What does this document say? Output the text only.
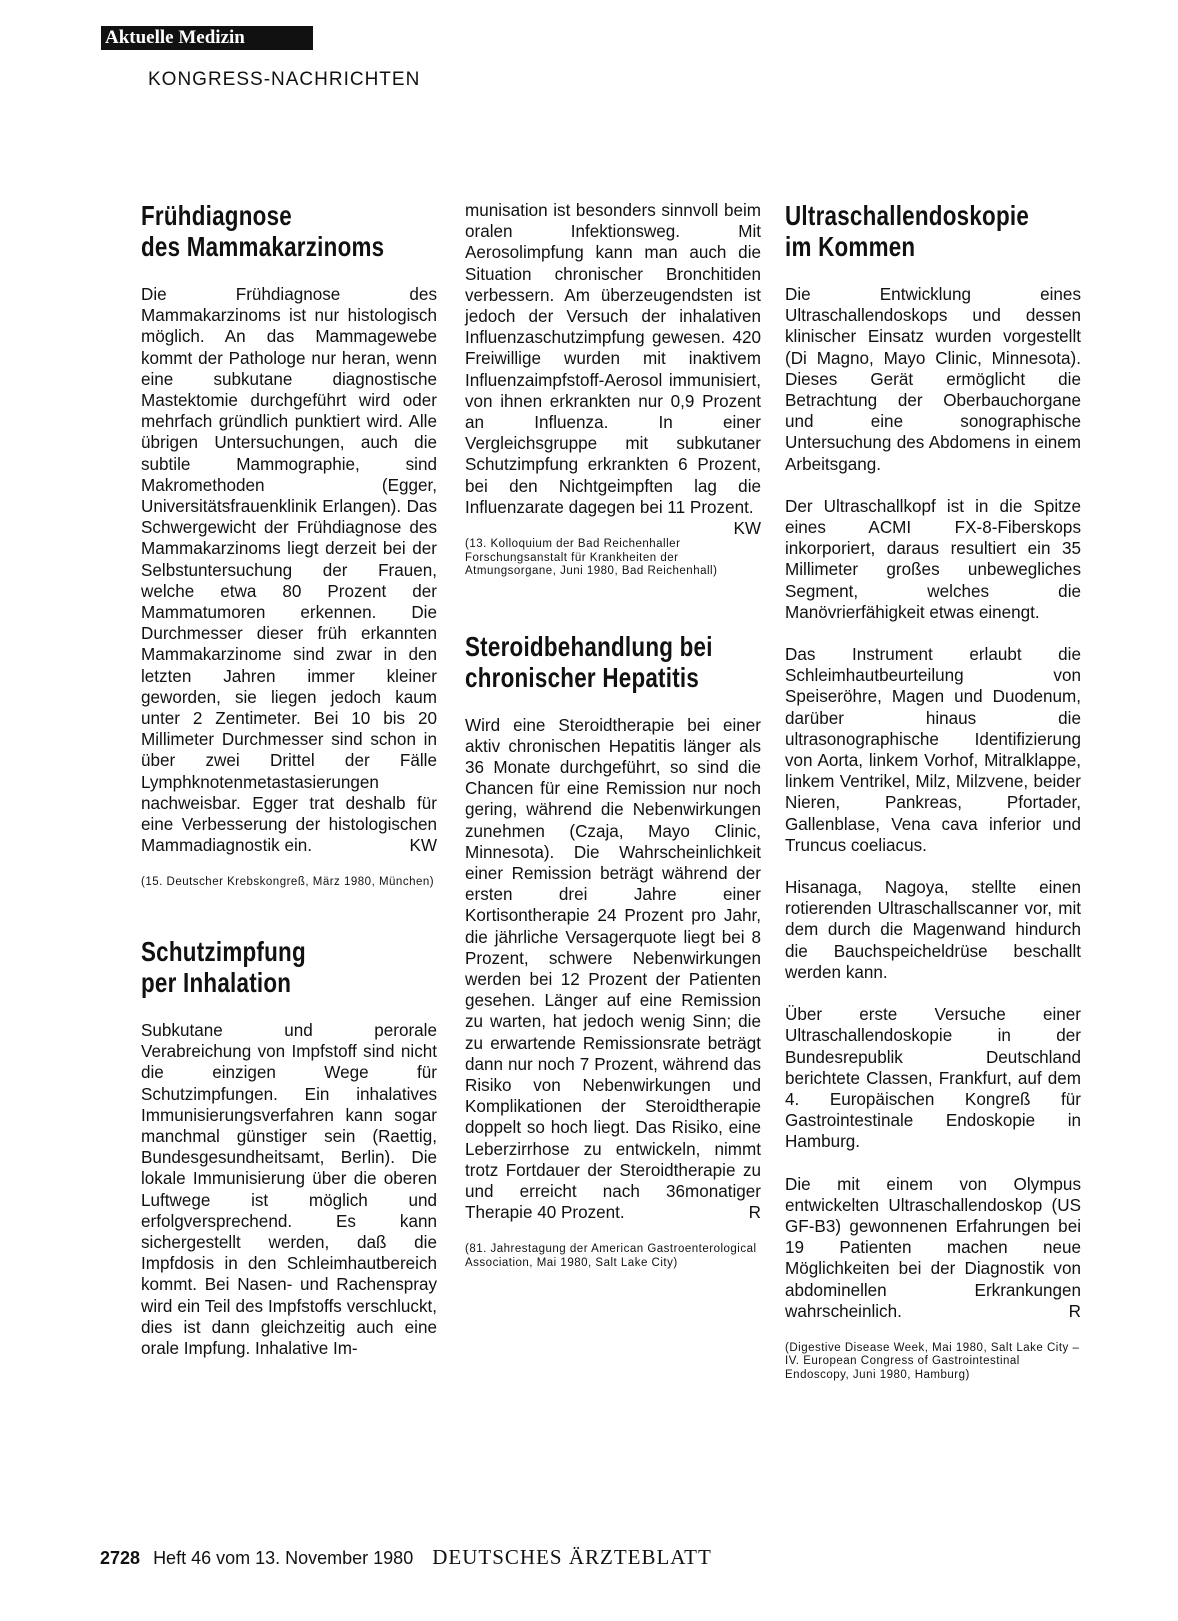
Aktuelle Medizin
KONGRESS-NACHRICHTEN
Frühdiagnose
des Mammakarzinoms

Die Frühdiagnose des Mammakarzinoms ist nur histologisch möglich. An das Mammagewebe kommt der Pathologe nur heran, wenn eine subkutane diagnostische Mastektomie durchgeführt wird oder mehrfach gründlich punktiert wird. Alle übrigen Untersuchungen, auch die subtile Mammographie, sind Makromethoden (Egger, Universitätsfrauenklinik Erlangen). Das Schwergewicht der Frühdiagnose des Mammakarzinoms liegt derzeit bei der Selbstuntersuchung der Frauen, welche etwa 80 Prozent der Mammatumoren erkennen. Die Durchmesser dieser früh erkannten Mammakarzinome sind zwar in den letzten Jahren immer kleiner geworden, sie liegen jedoch kaum unter 2 Zentimeter. Bei 10 bis 20 Millimeter Durchmesser sind schon in über zwei Drittel der Fälle Lymphknotenmetastasierungen nachweisbar. Egger trat deshalb für eine Verbesserung der histologischen Mammadiagnostik ein.	KW

(15. Deutscher Krebskongreß, März 1980, München)

Schutzimpfung
per Inhalation

Subkutane und perorale Verabreichung von Impfstoff sind nicht die einzigen Wege für Schutzimpfungen. Ein inhalatives Immunisierungsverfahren kann sogar manchmal günstiger sein (Raettig, Bundesgesundheitsamt, Berlin). Die lokale Immunisierung über die oberen Luftwege ist möglich und erfolgversprechend. Es kann sichergestellt werden, daß die Impfdosis in den Schleimhautbereich kommt. Bei Nasen- und Rachenspray wird ein Teil des Impfstoffs verschluckt, dies ist dann gleichzeitig auch eine orale Impfung. Inhalative Im-

munisation ist besonders sinnvoll beim oralen Infektionsweg. Mit Aerosolimpfung kann man auch die Situation chronischer Bronchitiden verbessern. Am überzeugendsten ist jedoch der Versuch der inhalativen Influenzaschutzimpfung gewesen. 420 Freiwillige wurden mit inaktivem Influenzaimpfstoff-Aerosol immunisiert, von ihnen erkrankten nur 0,9 Prozent an Influenza. In einer Vergleichsgruppe mit subkutaner Schutzimpfung erkrankten 6 Prozent, bei den Nichtgeimpften lag die Influenzarate dagegen bei 11 Prozent.
KW

(13. Kolloquium der Bad Reichenhaller Forschungsanstalt für Krankheiten der Atmungsorgane, Juni 1980, Bad Reichenhall)

Steroidbehandlung bei
chronischer Hepatitis

Wird eine Steroidtherapie bei einer aktiv chronischen Hepatitis länger als 36 Monate durchgeführt, so sind die Chancen für eine Remission nur noch gering, während die Nebenwirkungen zunehmen (Czaja, Mayo Clinic, Minnesota). Die Wahrscheinlichkeit einer Remission beträgt während der ersten drei Jahre einer Kortisontherapie 24 Prozent pro Jahr, die jährliche Versagerquote liegt bei 8 Prozent, schwere Nebenwirkungen werden bei 12 Prozent der Patienten gesehen. Länger auf eine Remission zu warten, hat jedoch wenig Sinn; die zu erwartende Remissionsrate beträgt dann nur noch 7 Prozent, während das Risiko von Nebenwirkungen und Komplikationen der Steroidtherapie doppelt so hoch liegt. Das Risiko, eine Leberzirrhose zu entwickeln, nimmt trotz Fortdauer der Steroidtherapie zu und erreicht nach 36monatiger Therapie 40 Prozent.	R

(81. Jahrestagung der American Gastroenterological Association, Mai 1980, Salt Lake City)

Ultraschallendoskopie
im Kommen

Die Entwicklung eines Ultraschallendoskops und dessen klinischer Einsatz wurden vorgestellt (Di Magno, Mayo Clinic, Minnesota). Dieses Gerät ermöglicht die Betrachtung der Oberbauchorgane und eine sonographische Untersuchung des Abdomens in einem Arbeitsgang.

Der Ultraschallkopf ist in die Spitze eines ACMI FX-8-Fiberskops inkorporiert, daraus resultiert ein 35 Millimeter großes unbewegliches Segment, welches die Manövrierfähigkeit etwas einengt.

Das Instrument erlaubt die Schleimhautbeurteilung von Speiseröhre, Magen und Duodenum, darüber hinaus die ultrasonographische Identifizierung von Aorta, linkem Vorhof, Mitralklappe, linkem Ventrikel, Milz, Milzvene, beider Nieren, Pankreas, Pfortader, Gallenblase, Vena cava inferior und Truncus coeliacus.

Hisanaga, Nagoya, stellte einen rotierenden Ultraschallscanner vor, mit dem durch die Magenwand hindurch die Bauchspeicheldrüse beschallt werden kann.

Über erste Versuche einer Ultraschallendoskopie in der Bundesrepublik Deutschland berichtete Classen, Frankfurt, auf dem 4. Europäischen Kongreß für Gastrointestinale Endoskopie in Hamburg.

Die mit einem von Olympus entwickelten Ultraschallendoskop (US GF-B3) gewonnenen Erfahrungen bei 19 Patienten machen neue Möglichkeiten bei der Diagnostik von abdominellen Erkrankungen wahrscheinlich.	R

(Digestive Disease Week, Mai 1980, Salt Lake City – IV. European Congress of Gastrointestinal Endoscopy, Juni 1980, Hamburg)

2728 Heft 46 vom 13. November 1980 DEUTSCHES ÄRZTEBLATT
